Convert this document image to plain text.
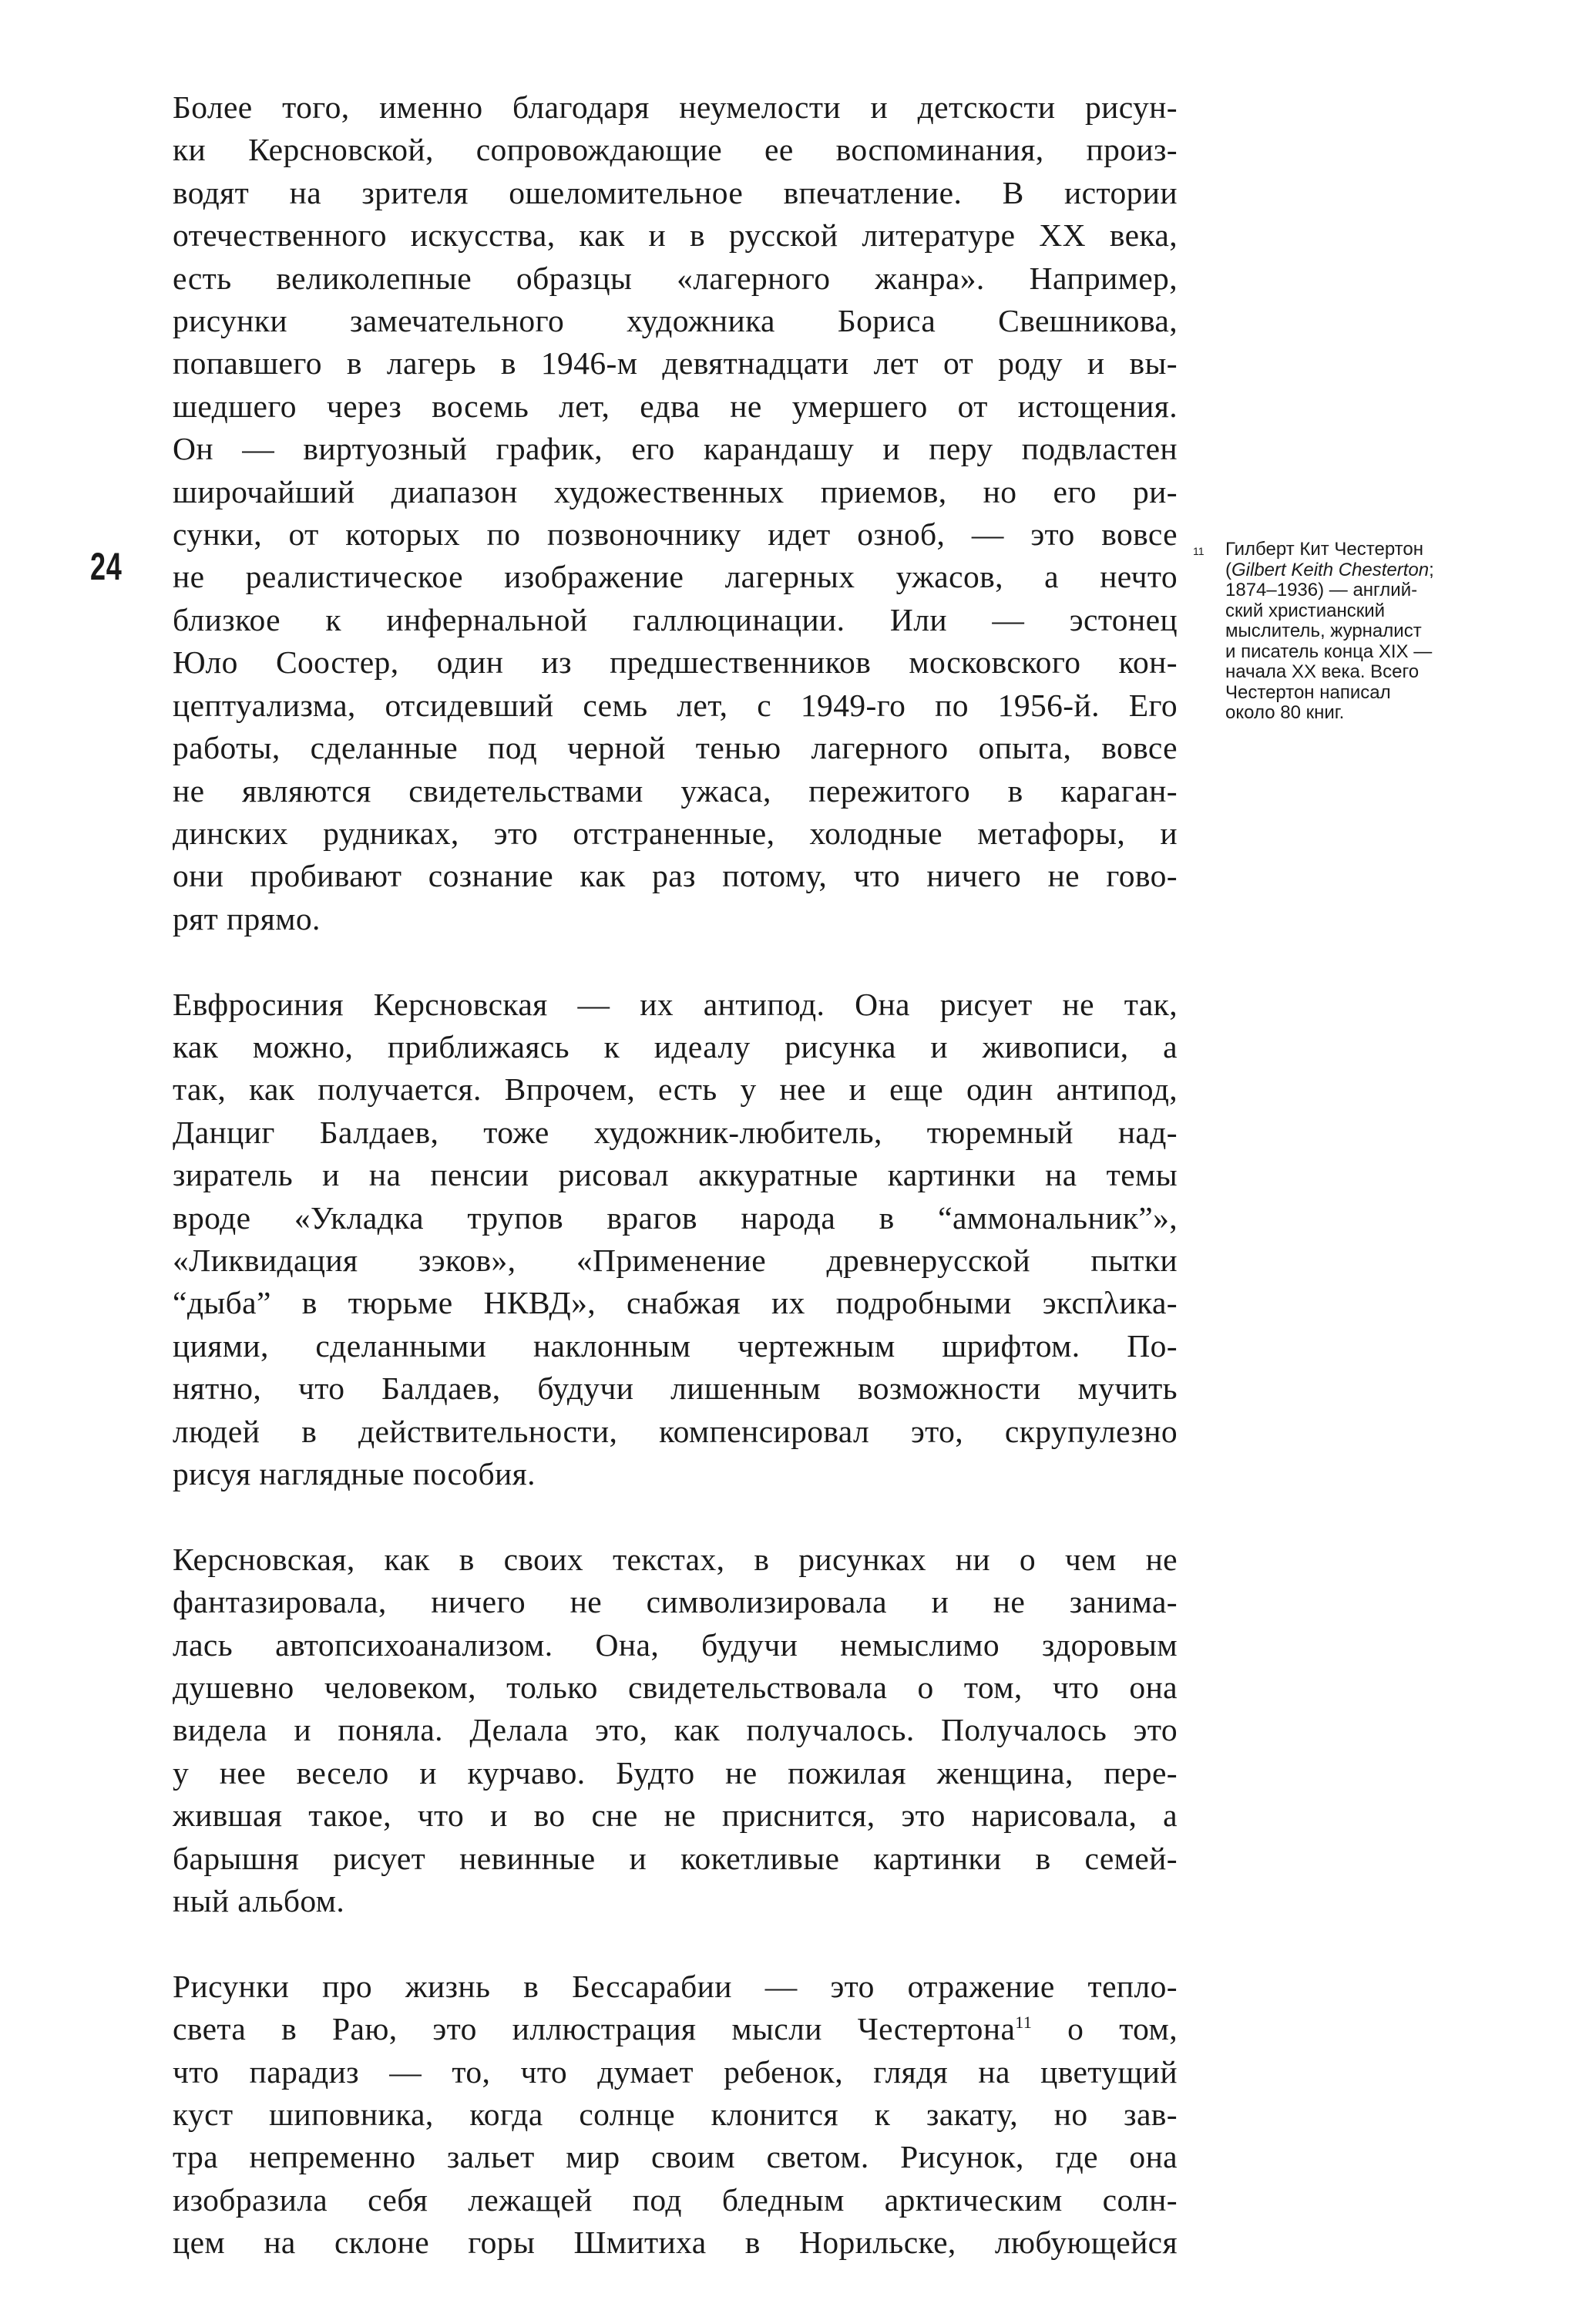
24

Более того, именно благодаря неумелости и детскости рисун-
ки Керсновской, сопровождающие ее воспоминания, произ-
водят на зрителя ошеломительное впечатление. В истории
отечественного искусства, как и в русской литературе XX века,
есть великолепные образцы «лагерного жанра». Например,
рисунки замечательного художника Бориса Свешникова,
попавшего в лагерь в 1946-м девятнадцати лет от роду и вы-
шедшего через восемь лет, едва не умершего от истощения.
Он — виртуозный график, его карандашу и перу подвластен
широчайший диапазон художественных приемов, но его ри-
сунки, от которых по позвоночнику идет озноб, — это вовсе
не реалистическое изображение лагерных ужасов, а нечто
близкое к инфернальной галлюцинации. Или — эстонец
Юло Соостер, один из предшественников московского кон-
цептуализма, отсидевший семь лет, с 1949-го по 1956-й. Его
работы, сделанные под черной тенью лагерного опыта, вовсе
не являются свидетельствами ужаса, пережитого в караган-
динских рудниках, это отстраненные, холодные метафоры, и
они пробивают сознание как раз потому, что ничего не гово-
рят прямо.

Евфросиния Керсновская — их антипод. Она рисует не так,
как можно, приближаясь к идеалу рисунка и живописи, а
так, как получается. Впрочем, есть у нее и еще один антипод,
Данциг Балдаев, тоже художник-любитель, тюремный над-
зиратель и на пенсии рисовал аккуратные картинки на темы
вроде «Укладка трупов врагов народа в “аммональник”»,
«Ликвидация зэков», «Применение древнерусской пытки
“дыба” в тюрьме НКВД», снабжая их подробными экспλика-
циями, сделанными наклонным чертежным шрифтом. По-
нятно, что Балдаев, будучи лишенным возможности мучить
людей в действительности, компенсировал это, скрупулезно
рисуя наглядные пособия.

Керсновская, как в своих текстах, в рисунках ни о чем не
фантазировала, ничего не символизировала и не занима-
лась автопсихоанализом. Она, будучи немыслимо здоровым
душевно человеком, только свидетельствовала о том, что она
видела и поняла. Делала это, как получалось. Получалось это
у нее весело и курчаво. Будто не пожилая женщина, пере-
жившая такое, что и во сне не приснится, это нарисовала, а
барышня рисует невинные и кокетливые картинки в семей-
ный альбом.

Рисунки про жизнь в Бессарабии — это отражение тепло-
света в Раю, это иллюстрация мысли Честертона$^{11}$ о том,
что парадиз — то, что думает ребенок, глядя на цветущий
куст шиповника, когда солнце клонится к закату, но зав-
тра непременно зальет мир своим светом. Рисунок, где она
изобразила себя лежащей под бледным арктическим солн-
цем на склоне горы Шмитиха в Норильске, любующейся

11	Гилберт Кит Честертон
(Gilbert Keith Chesterton;
1874–1936) — англий-
ский христианский
мыслитель, журналист
и писатель конца XIX —
начала XX века. Всего
Честертон написал
около 80 книг.
